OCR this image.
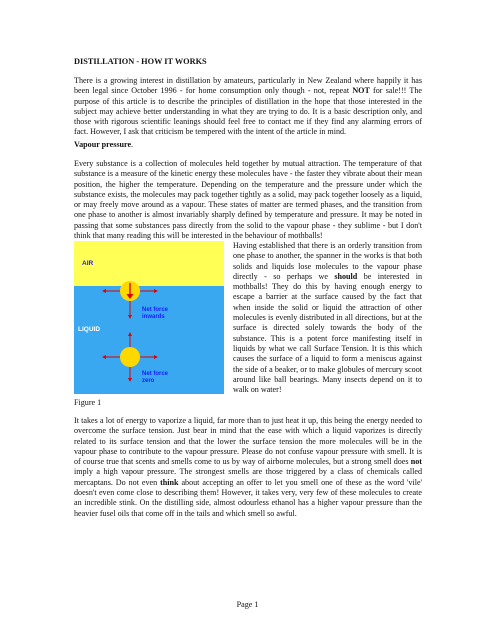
DISTILLATION - HOW IT WORKS

There is a growing interest in distillation by amateurs, particularly in New Zealand where happily it has been legal since October 1996 - for home consumption only though - not, repeat NOT for sale!!! The purpose of this article is to describe the principles of distillation in the hope that those interested in the subject may achieve better understanding in what they are trying to do. It is a basic description only, and those with rigorous scientific leanings should feel free to contact me if they find any alarming errors of fact. However, I ask that criticism be tempered with the intent of the article in mind.

Vapour pressure.

Every substance is a collection of molecules held together by mutual attraction. The temperature of that substance is a measure of the kinetic energy these molecules have - the faster they vibrate about their mean position, the higher the temperature. Depending on the temperature and the pressure under which the substance exists, the molecules may pack together tightly as a solid, may pack together loosely as a liquid, or may freely move around as a vapour. These states of matter are termed phases, and the transition from one phase to another is almost invariably sharply defined by temperature and pressure. It may be noted in passing that some substances pass directly from the solid to the vapour phase - they sublime - but I don't think that many reading this will be interested in the behaviour of mothballs!

AIR
LIQUID
Net force
inwards
Net force
zero

Having established that there is an orderly transition from one phase to another, the spanner in the works is that both solids and liquids lose molecules to the vapour phase directly - so perhaps we should be interested in mothballs! They do this by having enough energy to escape a barrier at the surface caused by the fact that when inside the solid or liquid the attraction of other molecules is evenly distributed in all directions, but at the surface is directed solely towards the body of the substance. This is a potent force manifesting itself in liquids by what we call Surface Tension. It is this which causes the surface of a liquid to form a meniscus against the side of a beaker, or to make globules of mercury scoot around like ball bearings. Many insects depend on it to walk on water!

Figure 1

It takes a lot of energy to vaporize a liquid, far more than to just heat it up, this being the energy needed to overcome the surface tension. Just bear in mind that the ease with which a liquid vaporizes is directly related to its surface tension and that the lower the surface tension the more molecules will be in the vapour phase to contribute to the vapour pressure. Please do not confuse vapour pressure with smell. It is of course true that scents and smells come to us by way of airborne molecules, but a strong smell does not imply a high vapour pressure. The strongest smells are those triggered by a class of chemicals called mercaptans. Do not even think about accepting an offer to let you smell one of these as the word 'vile' doesn't even come close to describing them! However, it takes very, very few of these molecules to create an incredible stink. On the distilling side, almost odourless ethanol has a higher vapour pressure than the heavier fusel oils that come off in the tails and which smell so awful.

Page 1
